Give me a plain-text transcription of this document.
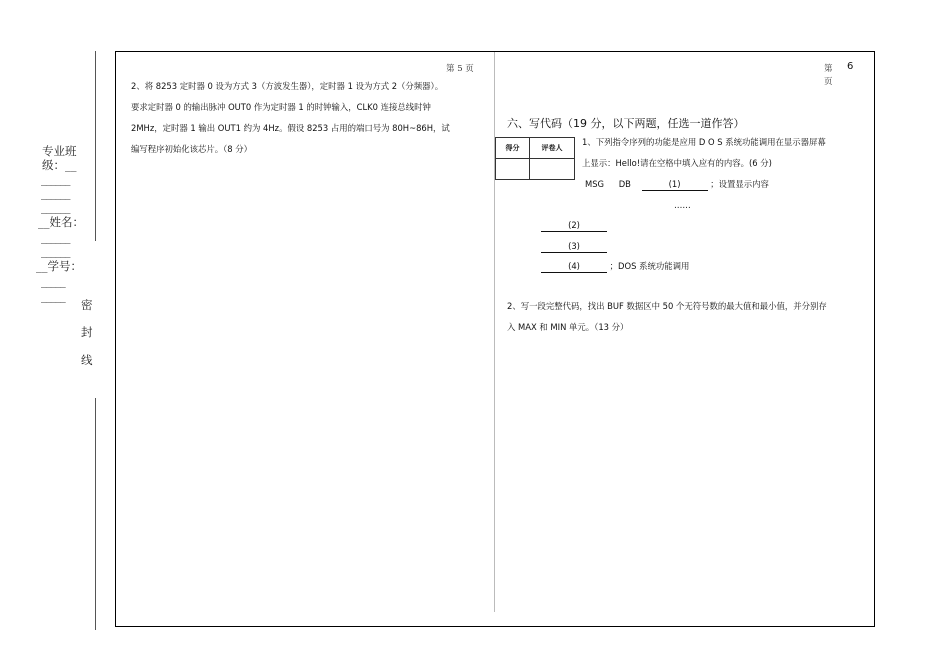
专业班
级：__
______
______
______
__姓名：
______
______
__学号：
_____
_____
密
封
线
第 5 页
2、将 8253 定时器 0 设为方式 3（方波发生器），定时器 1 设为方式 2（分频器）。
要求定时器 0 的输出脉冲 OUT0 作为定时器 1 的时钟输入，CLK0 连接总线时钟
2MHz，定时器 1 输出 OUT1 约为 4Hz。假设 8253 占用的端口号为 80H~86H，试
编写程序初始化该芯片。（8 分）
第
页
6
六、写代码（19 分，以下两题，任选一道作答）
得分	评卷人

1、下列指令序列的功能是应用 D O S 系统功能调用在显示器屏幕
上显示：Hello!请在空格中填入应有的内容。(6 分)
MSG DB	(1)	；设置显示内容
……
(2)
(3)
(4)	；DOS 系统功能调用
2、写一段完整代码，找出 BUF 数据区中 50 个无符号数的最大值和最小值，并分别存
入 MAX 和 MIN 单元。（13 分）
